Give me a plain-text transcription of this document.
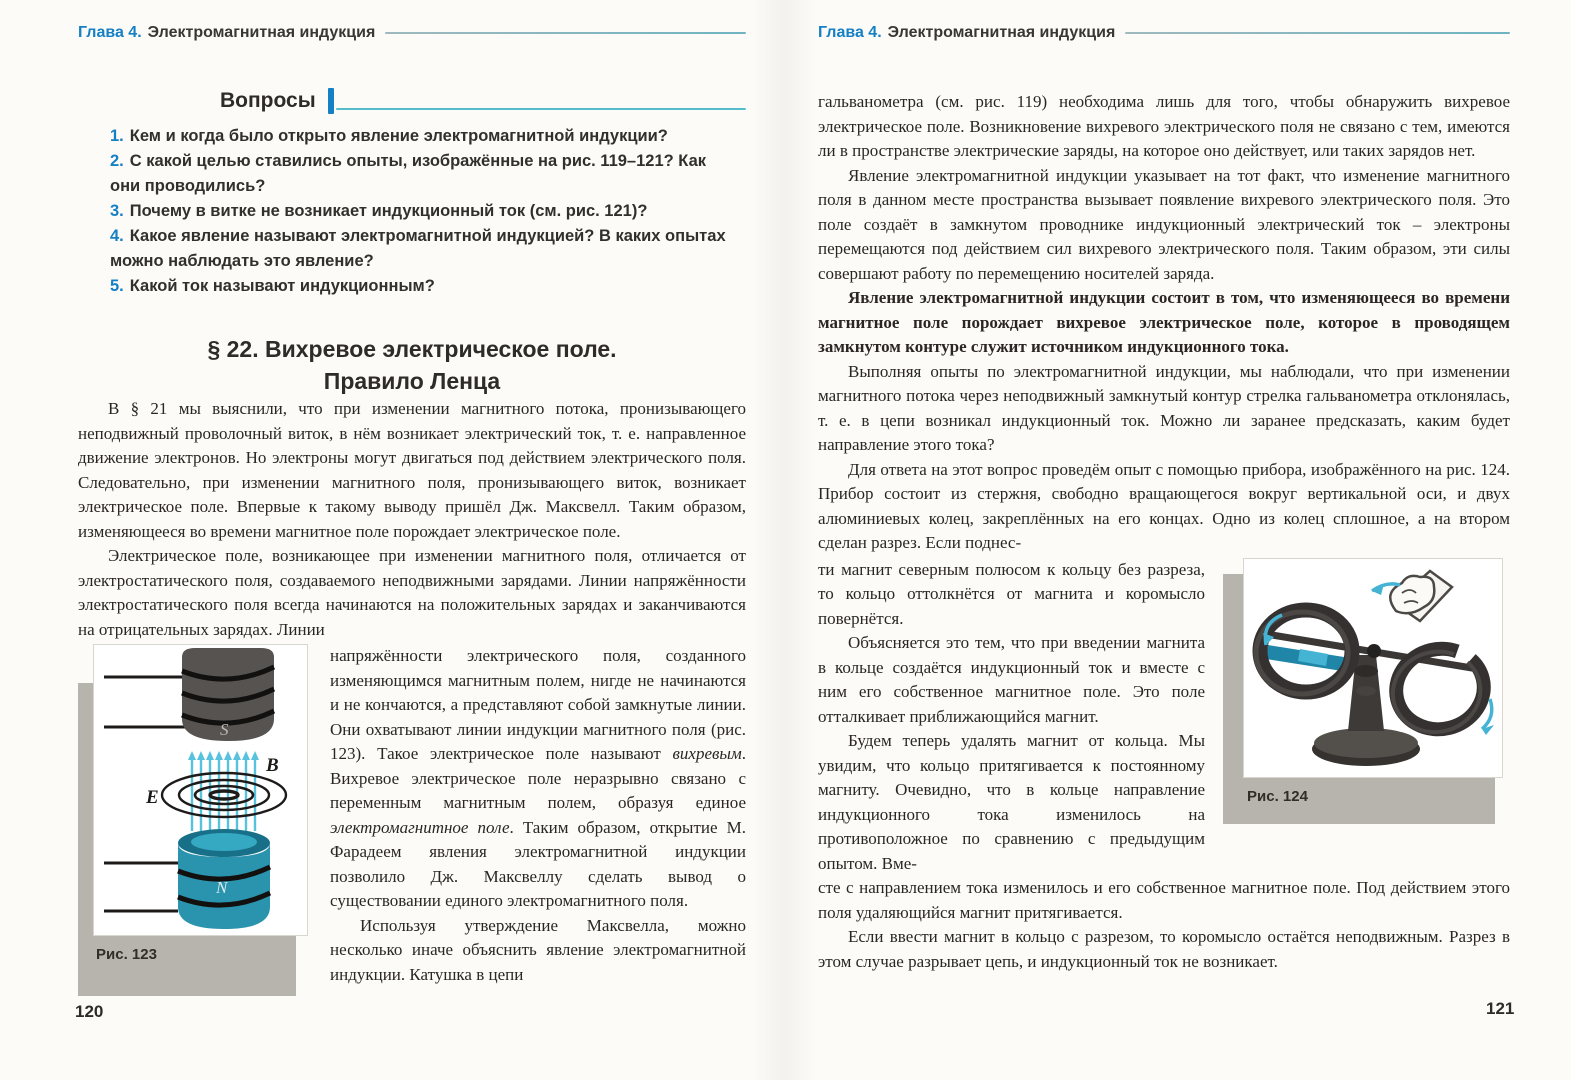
Глава 4. Электромагнитная индукция
Вопросы

1. Кем и когда было открыто явление электромагнитной индукции?

2. С какой целью ставились опыты, изображённые на рис. 119–121? Как они проводились?

3. Почему в витке не возникает индукционный ток (см. рис. 121)?

4. Какое явление называют электромагнитной индукцией? В каких опытах можно наблюдать это явление?

5. Какой ток называют индукционным?

§ 22. Вихревое электрическое поле.
Правило Ленца

В § 21 мы выяснили, что при изменении магнитного потока, пронизывающего неподвижный проволочный виток, в нём возникает электрический ток, т. е. направленное движение электронов. Но электроны могут двигаться под действием электрического поля. Следовательно, при изменении магнитного поля, пронизывающего виток, возникает электрическое поле. Впервые к такому выводу пришёл Дж. Максвелл. Таким образом, изменяющееся во времени магнитное поле порождает электрическое поле.

Электрическое поле, возникающее при изменении магнитного поля, отличается от электростатического поля, создаваемого неподвижными зарядами. Линии напряжённости электростатического поля всегда начинаются на положительных зарядах и заканчиваются на отрицательных зарядах. Линии

S
N
E⃗
B⃗
Рис. 123

напряжённости электрического поля, созданного изменяющимся магнитным полем, нигде не начинаются и не кончаются, а представляют собой замкнутые линии. Они охватывают линии индукции магнитного поля (рис. 123). Такое электрическое поле называют вихревым. Вихревое электрическое поле неразрывно связано с переменным магнитным полем, образуя единое электромагнитное поле. Таким образом, открытие М. Фарадеем явления электромагнитной индукции позволило Дж. Максвеллу сделать вывод о существовании единого электромагнитного поля.

Используя утверждение Максвелла, можно несколько иначе объяснить явление электромагнитной индукции. Катушка в цепи

Глава 4. Электромагнитная индукция

гальванометра (см. рис. 119) необходима лишь для того, чтобы обнаружить вихревое электрическое поле. Возникновение вихревого электрического поля не связано с тем, имеются ли в пространстве электрические заряды, на которое оно действует, или таких зарядов нет.

Явление электромагнитной индукции указывает на тот факт, что изменение магнитного поля в данном месте пространства вызывает появление вихревого электрического поля. Это поле создаёт в замкнутом проводнике индукционный электрический ток – электроны перемещаются под действием сил вихревого электрического поля. Таким образом, эти силы совершают работу по перемещению носителей заряда.

Явление электромагнитной индукции состоит в том, что изменяющееся во времени магнитное поле порождает вихревое электрическое поле, которое в проводящем замкнутом контуре служит источником индукционного тока.

Выполняя опыты по электромагнитной индукции, мы наблюдали, что при изменении магнитного потока через неподвижный замкнутый контур стрелка гальванометра отклонялась, т. е. в цепи возникал индукционный ток. Можно ли заранее предсказать, каким будет направление этого тока?

Для ответа на этот вопрос проведём опыт с помощью прибора, изображённого на рис. 124. Прибор состоит из стержня, свободно вращающегося вокруг вертикальной оси, и двух алюминиевых колец, закреплённых на его концах. Одно из колец сплошное, а на втором сделан разрез. Если поднес-

ти магнит северным полюсом к кольцу без разреза, то кольцо оттолкнётся от магнита и коромысло повернётся.

Объясняется это тем, что при введении магнита в кольце создаётся индукционный ток и вместе с ним его собственное магнитное поле. Это поле отталкивает приближающийся магнит.

Будем теперь удалять магнит от кольца. Мы увидим, что кольцо притягивается к постоянному магниту. Очевидно, что в кольце направление индукционного тока изменилось на противоположное по сравнению с предыдущим опытом. Вме-

Рис. 124

сте с направлением тока изменилось и его собственное магнитное поле. Под действием этого поля удаляющийся магнит притягивается.

Если ввести магнит в кольцо с разрезом, то коромысло остаётся неподвижным. Разрез в этом случае разрывает цепь, и индукционный ток не возникает.

120	121
